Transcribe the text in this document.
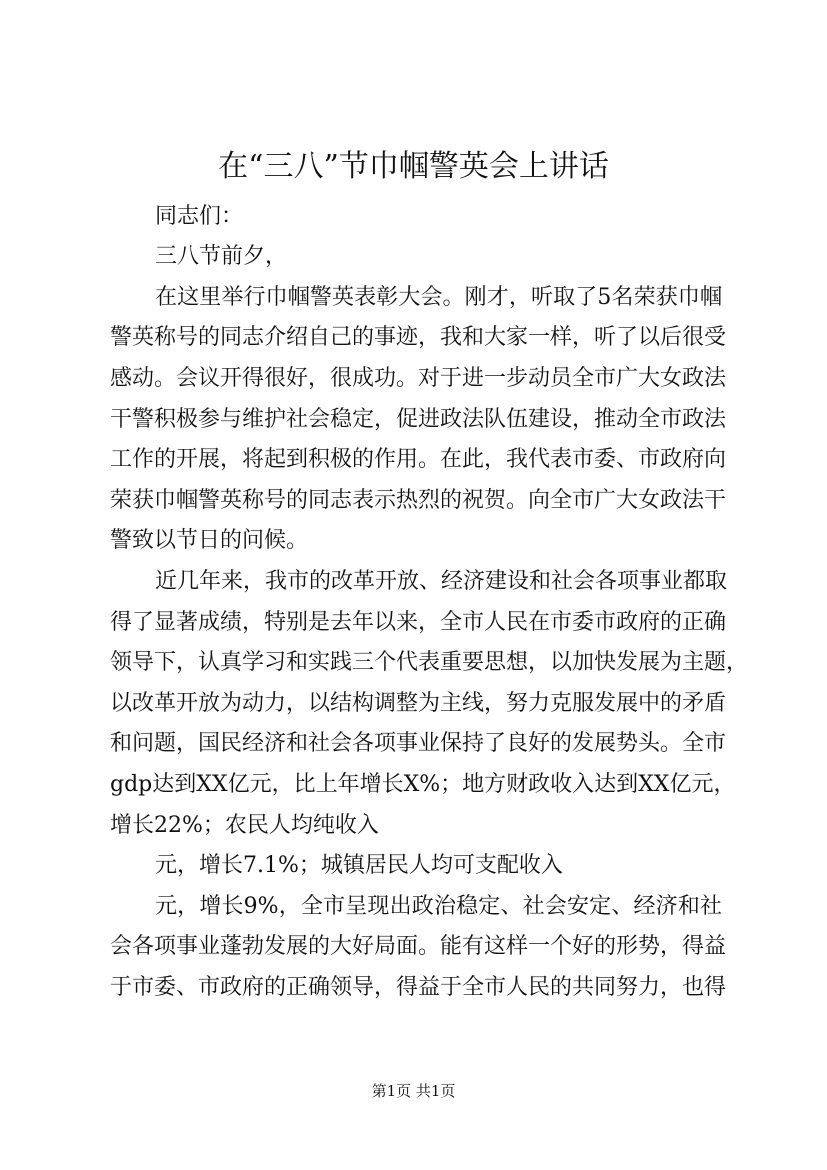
在“三八”节巾帼警英会上讲话

同志们：

三八节前夕，

在这里举行巾帼警英表彰大会。刚才，听取了5名荣获巾帼

警英称号的同志介绍自己的事迹，我和大家一样，听了以后很受

感动。会议开得很好，很成功。对于进一步动员全市广大女政法

干警积极参与维护社会稳定，促进政法队伍建设，推动全市政法

工作的开展，将起到积极的作用。在此，我代表市委、市政府向

荣获巾帼警英称号的同志表示热烈的祝贺。向全市广大女政法干

警致以节日的问候。

近几年来，我市的改革开放、经济建设和社会各项事业都取

得了显著成绩，特别是去年以来，全市人民在市委市政府的正确

领导下，认真学习和实践三个代表重要思想，以加快发展为主题，

以改革开放为动力，以结构调整为主线，努力克服发展中的矛盾

和问题，国民经济和社会各项事业保持了良好的发展势头。全市

gdp达到XX亿元，比上年增长X%；地方财政收入达到XX亿元，

增长22%；农民人均纯收入

元，增长7.1%；城镇居民人均可支配收入

元，增长9%，全市呈现出政治稳定、社会安定、经济和社

会各项事业蓬勃发展的大好局面。能有这样一个好的形势，得益

于市委、市政府的正确领导，得益于全市人民的共同努力，也得

第1页 共1页
